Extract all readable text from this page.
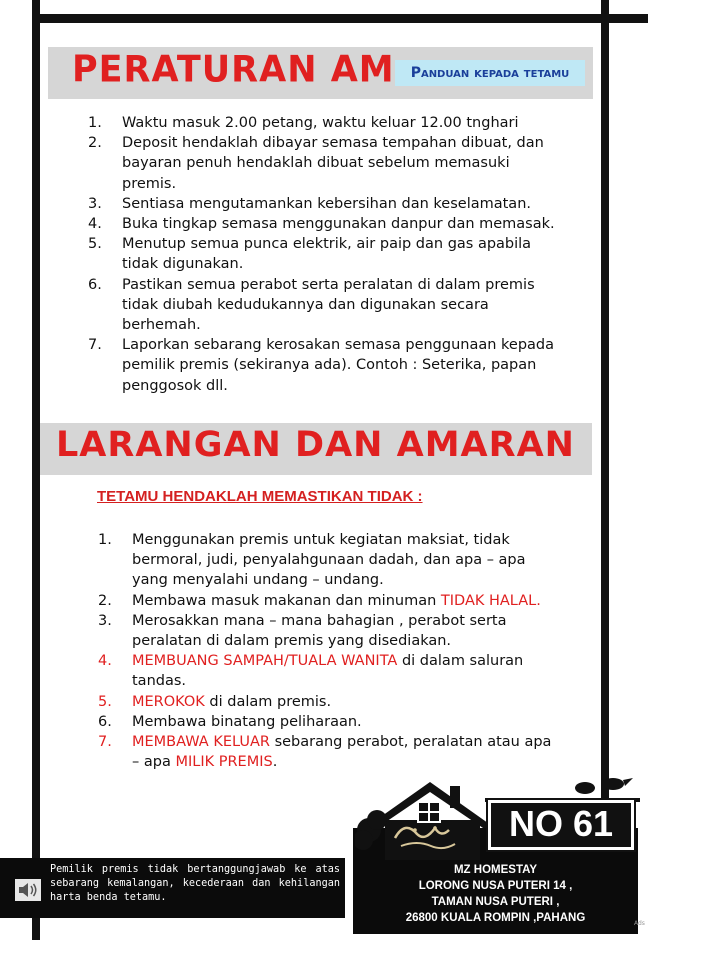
PERATURAN AM	Panduan kepada tetamu
1.	Waktu masuk 2.00 petang, waktu keluar 12.00 tnghari
2.	Deposit hendaklah dibayar semasa tempahan dibuat, dan bayaran penuh hendaklah dibuat sebelum memasuki premis.
3.	Sentiasa mengutamankan kebersihan dan keselamatan.
4.	Buka tingkap semasa menggunakan danpur dan memasak.
5.	Menutup semua punca elektrik, air paip dan gas apabila tidak digunakan.
6.	Pastikan semua perabot serta peralatan di dalam premis tidak diubah kedudukannya dan digunakan secara berhemah.
7.	Laporkan sebarang kerosakan semasa penggunaan kepada pemilik premis (sekiranya ada). Contoh : Seterika, papan penggosok dll.
LARANGAN DAN AMARAN
TETAMU HENDAKLAH MEMASTIKAN TIDAK :
1.	Menggunakan premis untuk kegiatan maksiat, tidak bermoral, judi, penyalahgunaan dadah, dan apa – apa yang menyalahi undang – undang.
2.	Membawa masuk makanan dan minuman TIDAK HALAL.
3.	Merosakkan mana – mana bahagian , perabot serta peralatan di dalam premis yang disediakan.
4.	MEMBUANG SAMPAH/TUALA WANITA di dalam saluran tandas.
5.	MEROKOK di dalam premis.
6.	Membawa binatang peliharaan.
7.	MEMBAWA KELUAR sebarang perabot, peralatan atau apa – apa MILIK PREMIS.
Pemilik premis tidak bertanggungjawab ke atas sebarang kemalangan, kecederaan dan kehilangan harta benda tetamu.
NO 61
MZ HOMESTAY
LORONG NUSA PUTERI 14 ,
TAMAN NUSA PUTERI ,
26800 KUALA ROMPIN ,PAHANG	Ads
